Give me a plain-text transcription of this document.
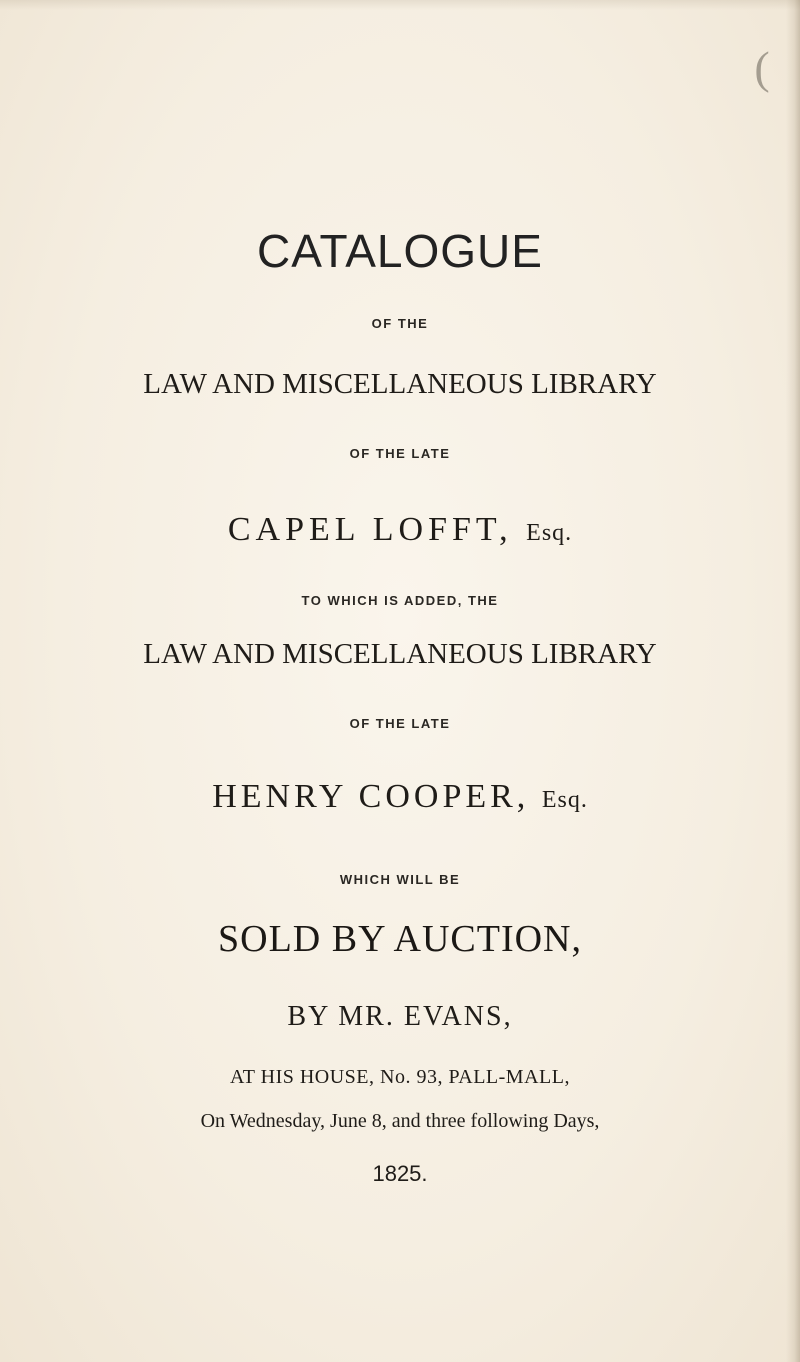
(
CATALOGUE
OF THE
LAW AND MISCELLANEOUS LIBRARY
OF THE LATE
CAPEL LOFFT, Esq.
TO WHICH IS ADDED, THE
LAW AND MISCELLANEOUS LIBRARY
OF THE LATE
HENRY COOPER, Esq.
WHICH WILL BE
SOLD BY AUCTION,
BY MR. EVANS,
AT HIS HOUSE, No. 93, PALL-MALL,
On Wednesday, June 8, and three following Days,
1825.
